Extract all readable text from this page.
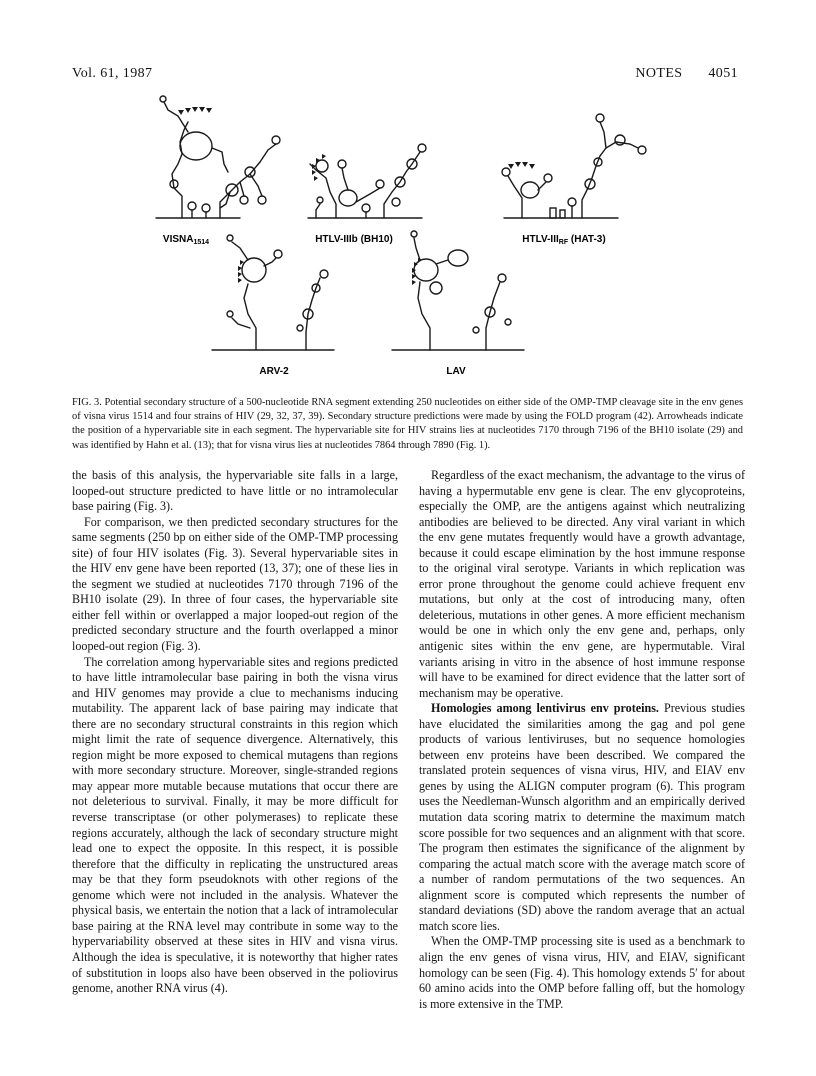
Vol. 61, 1987	NOTES 4051
$VISNA_{1514}$	HTLV-IIIb (BH10)	HTLV-$III_{RF}$ (HAT-3)
ARV-2	LAV

FIG. 3. Potential secondary structure of a 500-nucleotide RNA segment extending 250 nucleotides on either side of the OMP-TMP cleavage site in the env genes of visna virus 1514 and four strains of HIV (29, 32, 37, 39). Secondary structure predictions were made by using the FOLD program (42). Arrowheads indicate the position of a hypervariable site in each segment. The hypervariable site for HIV strains lies at nucleotides 7170 through 7196 of the BH10 isolate (29) and was identified by Hahn et al. (13); that for visna virus lies at nucleotides 7864 through 7890 (Fig. 1).

the basis of this analysis, the hypervariable site falls in a large, looped-out structure predicted to have little or no intramolecular base pairing (Fig. 3).

For comparison, we then predicted secondary structures for the same segments (250 bp on either side of the OMP-TMP processing site) of four HIV isolates (Fig. 3). Several hypervariable sites in the HIV env gene have been reported (13, 37); one of these lies in the segment we studied at nucleotides 7170 through 7196 of the BH10 isolate (29). In three of four cases, the hypervariable site either fell within or overlapped a major looped-out region of the predicted secondary structure and the fourth overlapped a minor looped-out region (Fig. 3).

The correlation among hypervariable sites and regions predicted to have little intramolecular base pairing in both the visna virus and HIV genomes may provide a clue to mechanisms inducing mutability. The apparent lack of base pairing may indicate that there are no secondary structural constraints in this region which might limit the rate of sequence divergence. Alternatively, this region might be more exposed to chemical mutagens than regions with more secondary structure. Moreover, single-stranded regions may appear more mutable because mutations that occur there are not deleterious to survival. Finally, it may be more difficult for reverse transcriptase (or other polymerases) to replicate these regions accurately, although the lack of secondary structure might lead one to expect the opposite. In this respect, it is possible therefore that the difficulty in replicating the unstructured areas may be that they form pseudoknots with other regions of the genome which were not included in the analysis. Whatever the physical basis, we entertain the notion that a lack of intramolecular base pairing at the RNA level may contribute in some way to the hypervariability observed at these sites in HIV and visna virus. Although the idea is speculative, it is noteworthy that higher rates of substitution in loops also have been observed in the poliovirus genome, another RNA virus (4).

Regardless of the exact mechanism, the advantage to the virus of having a hypermutable env gene is clear. The env glycoproteins, especially the OMP, are the antigens against which neutralizing antibodies are believed to be directed. Any viral variant in which the env gene mutates frequently would have a growth advantage, because it could escape elimination by the host immune response to the original viral serotype. Variants in which replication was error prone throughout the genome could achieve frequent env mutations, but only at the cost of introducing many, often deleterious, mutations in other genes. A more efficient mechanism would be one in which only the env gene and, perhaps, only antigenic sites within the env gene, are hypermutable. Viral variants arising in vitro in the absence of host immune response will have to be examined for direct evidence that the latter sort of mechanism may be operative.

Homologies among lentivirus env proteins. Previous studies have elucidated the similarities among the gag and pol gene products of various lentiviruses, but no sequence homologies between env proteins have been described. We compared the translated protein sequences of visna virus, HIV, and EIAV env genes by using the ALIGN computer program (6). This program uses the Needleman-Wunsch algorithm and an empirically derived mutation data scoring matrix to determine the maximum match score possible for two sequences and an alignment with that score. The program then estimates the significance of the alignment by comparing the actual match score with the average match score of a number of random permutations of the two sequences. An alignment score is computed which represents the number of standard deviations (SD) above the random average that an actual match score lies.

When the OMP-TMP processing site is used as a benchmark to align the env genes of visna virus, HIV, and EIAV, significant homology can be seen (Fig. 4). This homology extends 5′ for about 60 amino acids into the OMP before falling off, but the homology is more extensive in the TMP.
